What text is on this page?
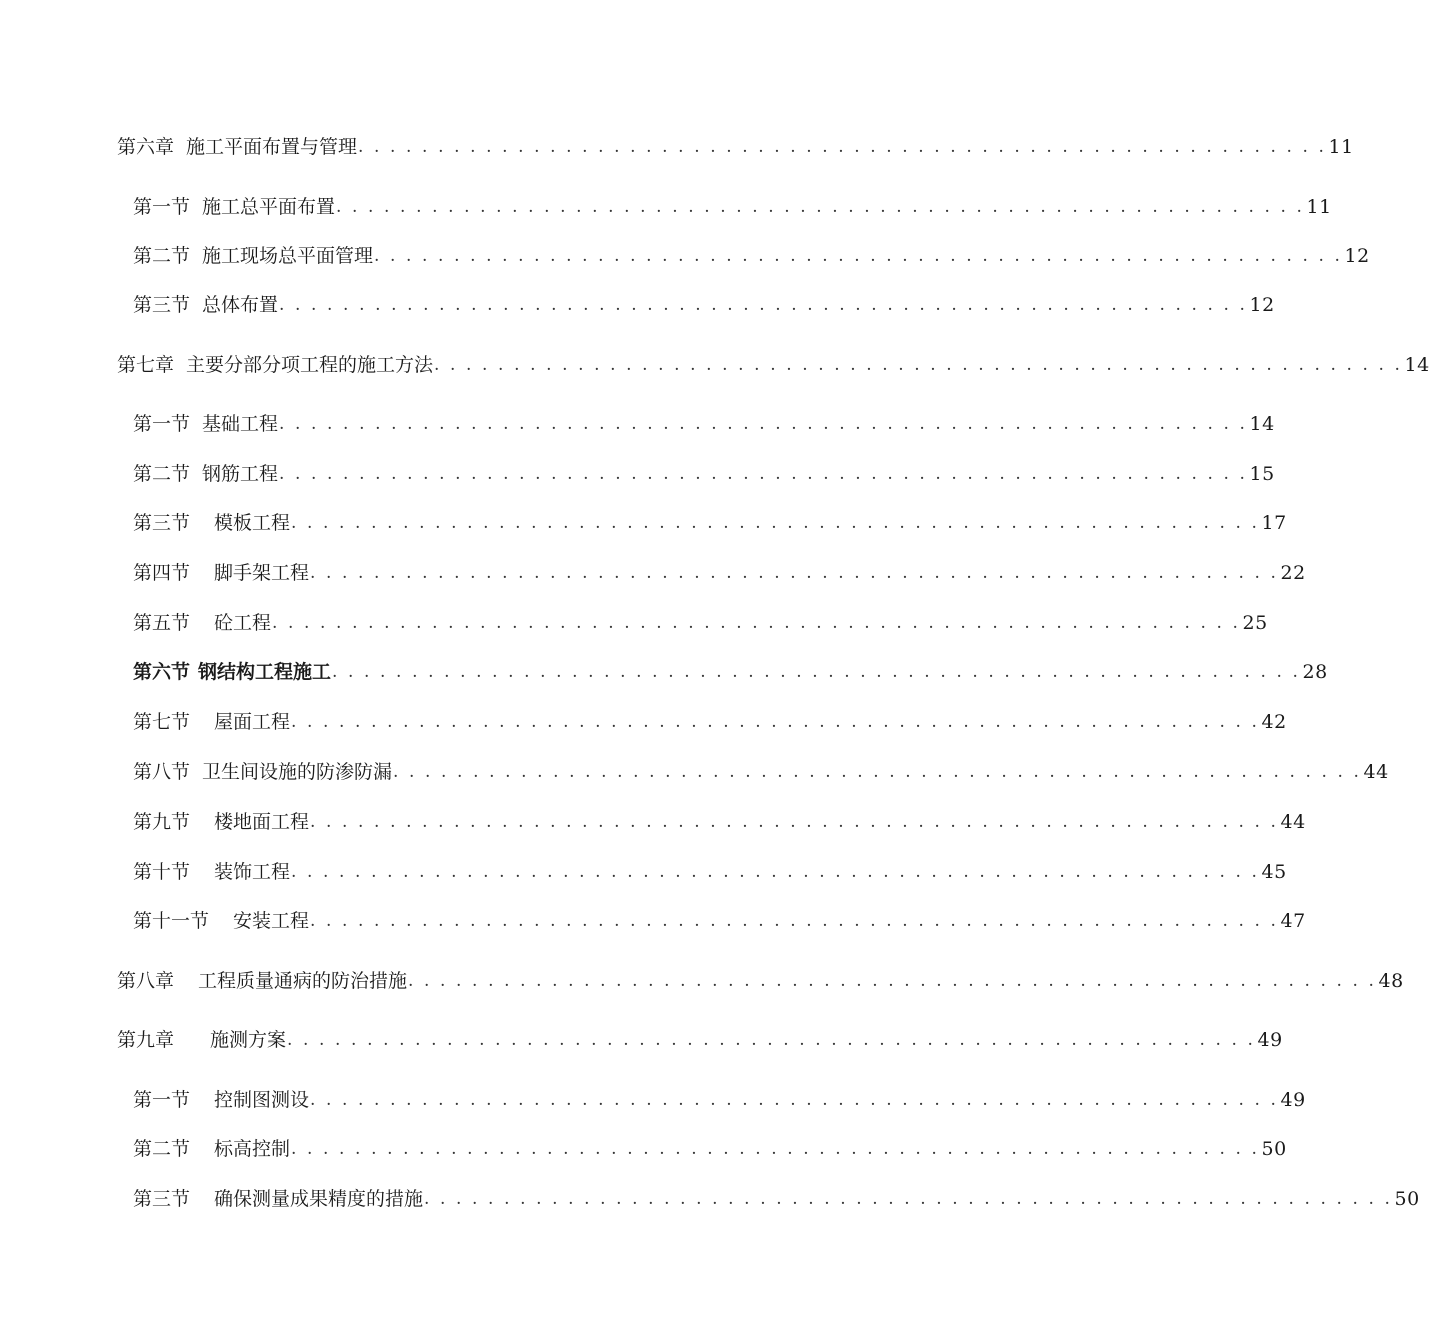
第六章 施工平面布置与管理 . . . . . . . . . . . . . . . . . . . . . . . . . . . . . . . . . . . . . . . . . . . . . . . . . . . . . . . . . . . . . 11
第一节 施工总平面布置 . . . . . . . . . . . . . . . . . . . . . . . . . . . . . . . . . . . . . . . . . . . . . . . . . . . . . . . . . . . . . 11
第二节 施工现场总平面管理 . . . . . . . . . . . . . . . . . . . . . . . . . . . . . . . . . . . . . . . . . . . . . . . . . . . . . . . . . . . . . 12
第三节 总体布置 . . . . . . . . . . . . . . . . . . . . . . . . . . . . . . . . . . . . . . . . . . . . . . . . . . . . . . . . . . . . . 12
第七章 主要分部分项工程的施工方法 . . . . . . . . . . . . . . . . . . . . . . . . . . . . . . . . . . . . . . . . . . . . . . . . . . . . . . . . . . . . . 14
第一节 基础工程 . . . . . . . . . . . . . . . . . . . . . . . . . . . . . . . . . . . . . . . . . . . . . . . . . . . . . . . . . . . . . 14
第二节 钢筋工程 . . . . . . . . . . . . . . . . . . . . . . . . . . . . . . . . . . . . . . . . . . . . . . . . . . . . . . . . . . . . . 15
第三节 模板工程 . . . . . . . . . . . . . . . . . . . . . . . . . . . . . . . . . . . . . . . . . . . . . . . . . . . . . . . . . . . . . 17
第四节 脚手架工程 . . . . . . . . . . . . . . . . . . . . . . . . . . . . . . . . . . . . . . . . . . . . . . . . . . . . . . . . . . . . . 22
第五节 砼工程 . . . . . . . . . . . . . . . . . . . . . . . . . . . . . . . . . . . . . . . . . . . . . . . . . . . . . . . . . . . . . 25
第六节 钢结构工程施工 . . . . . . . . . . . . . . . . . . . . . . . . . . . . . . . . . . . . . . . . . . . . . . . . . . . . . . . . . . . . . 28
第七节 屋面工程 . . . . . . . . . . . . . . . . . . . . . . . . . . . . . . . . . . . . . . . . . . . . . . . . . . . . . . . . . . . . . 42
第八节 卫生间设施的防渗防漏 . . . . . . . . . . . . . . . . . . . . . . . . . . . . . . . . . . . . . . . . . . . . . . . . . . . . . . . . . . . . . 44
第九节 楼地面工程 . . . . . . . . . . . . . . . . . . . . . . . . . . . . . . . . . . . . . . . . . . . . . . . . . . . . . . . . . . . . . 44
第十节 装饰工程 . . . . . . . . . . . . . . . . . . . . . . . . . . . . . . . . . . . . . . . . . . . . . . . . . . . . . . . . . . . . . 45
第十一节 安装工程 . . . . . . . . . . . . . . . . . . . . . . . . . . . . . . . . . . . . . . . . . . . . . . . . . . . . . . . . . . . . . 47
第八章 工程质量通病的防治措施 . . . . . . . . . . . . . . . . . . . . . . . . . . . . . . . . . . . . . . . . . . . . . . . . . . . . . . . . . . . . . 48
第九章 施测方案 . . . . . . . . . . . . . . . . . . . . . . . . . . . . . . . . . . . . . . . . . . . . . . . . . . . . . . . . . . . . . 49
第一节 控制图测设 . . . . . . . . . . . . . . . . . . . . . . . . . . . . . . . . . . . . . . . . . . . . . . . . . . . . . . . . . . . . . 49
第二节 标高控制 . . . . . . . . . . . . . . . . . . . . . . . . . . . . . . . . . . . . . . . . . . . . . . . . . . . . . . . . . . . . . 50
第三节 确保测量成果精度的措施 . . . . . . . . . . . . . . . . . . . . . . . . . . . . . . . . . . . . . . . . . . . . . . . . . . . . . . . . . . . . . 50
